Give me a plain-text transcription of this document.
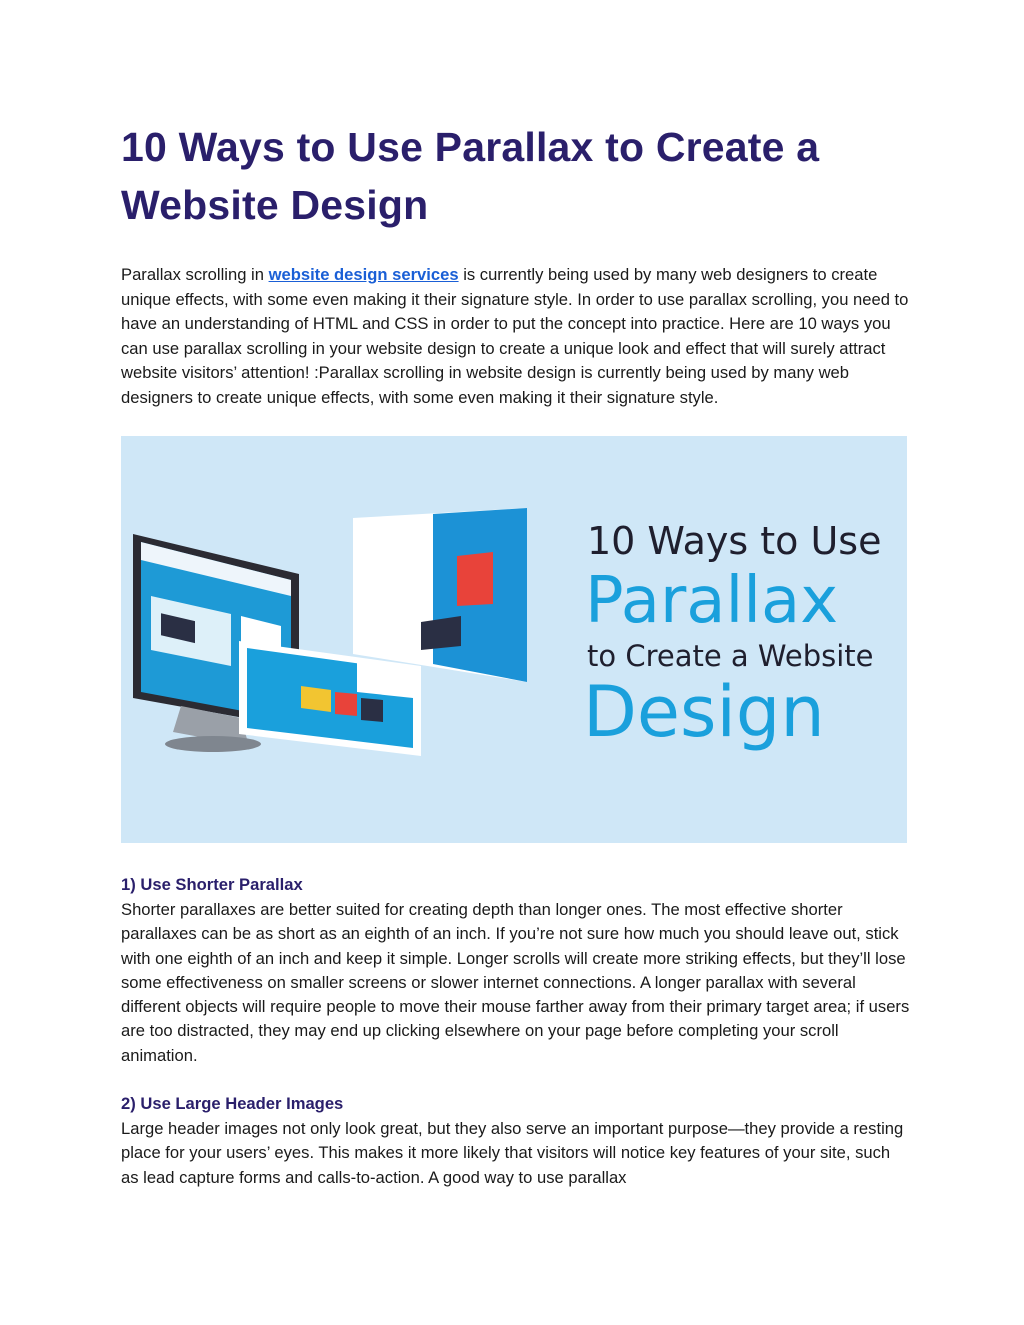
10 Ways to Use Parallax to Create a Website Design

Parallax scrolling in website design services is currently being used by many web designers to create unique effects, with some even making it their signature style. In order to use parallax scrolling, you need to have an understanding of HTML and CSS in order to put the concept into practice. Here are 10 ways you can use parallax scrolling in your website design to create a unique look and effect that will surely attract website visitors’ attention! :Parallax scrolling in website design is currently being used by many web designers to create unique effects, with some even making it their signature style.

10 Ways to Use
Parallax
to Create a Website
Design
1) Use Shorter Parallax

Shorter parallaxes are better suited for creating depth than longer ones. The most effective shorter parallaxes can be as short as an eighth of an inch. If you’re not sure how much you should leave out, stick with one eighth of an inch and keep it simple. Longer scrolls will create more striking effects, but they’ll lose some effectiveness on smaller screens or slower internet connections. A longer parallax with several different objects will require people to move their mouse farther away from their primary target area; if users are too distracted, they may end up clicking elsewhere on your page before completing your scroll animation.

2) Use Large Header Images

Large header images not only look great, but they also serve an important purpose—they provide a resting place for your users’ eyes. This makes it more likely that visitors will notice key features of your site, such as lead capture forms and calls-to-action. A good way to use parallax
